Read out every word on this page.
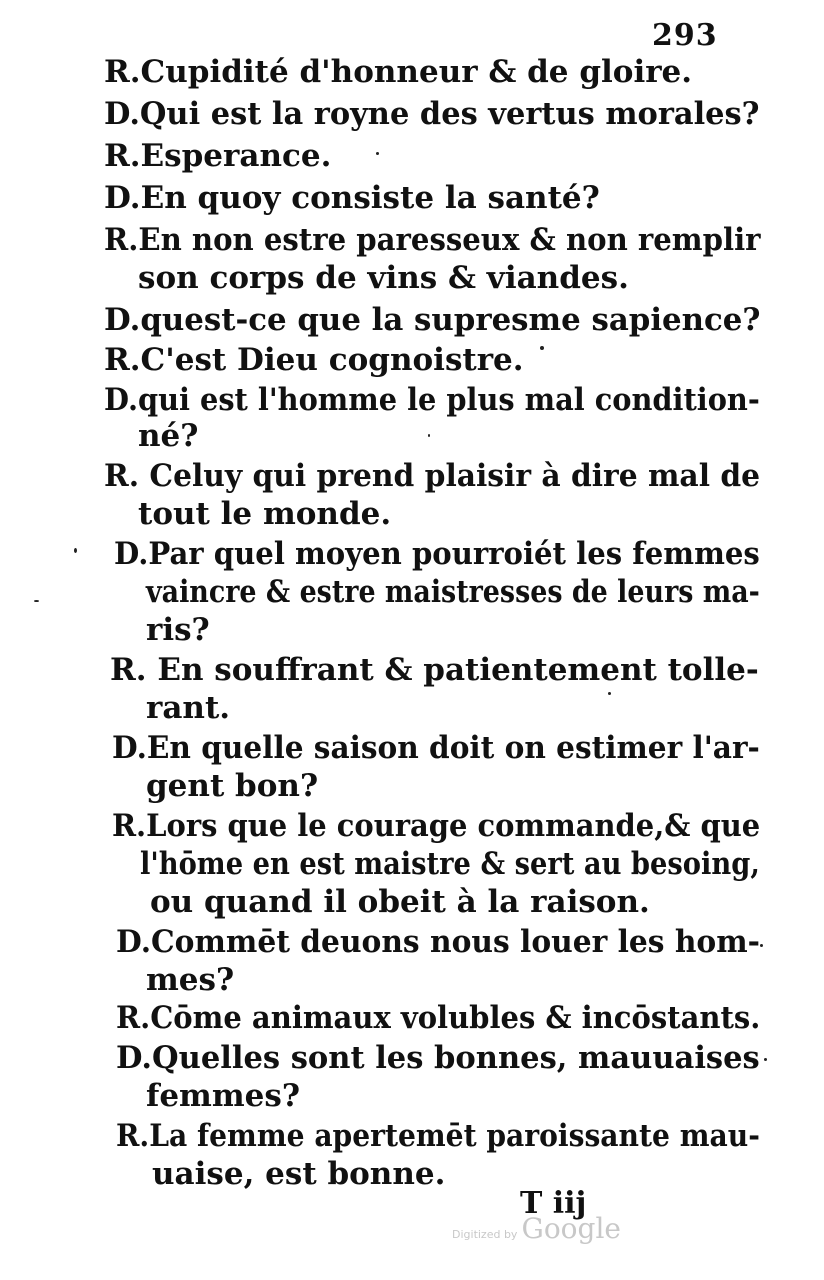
293
R.Cupidité d'honneur & de gloire.
D.Qui est la royne des vertus morales?
R.Esperance.
D.En quoy consiste la santé?
R.En non estre paresseux & non remplir
son corps de vins & viandes.
D.quest-ce que la supresme sapience?
R.C'est Dieu cognoistre.
D.qui est l'homme le plus mal condition-
né?
R. Celuy qui prend plaisir à dire mal de
tout le monde.
D.Par quel moyen pourroiét les femmes
vaincre & estre maistresses de leurs ma-
ris?
R. En souffrant & patientement tolle-
rant.
D.En quelle saison doit on estimer l'ar-
gent bon?
R.Lors que le courage commande,& que
l'hōme en est maistre & sert au besoing,
ou quand il obeit à la raison.
D.Commēt deuons nous louer les hom-
mes?
R.Cōme animaux volubles & incōstants.
D.Quelles sont les bonnes, mauuaises
femmes?
R.La femme apertemēt paroissante mau-
uaise, est bonne.
T iij
Digitized by Google
